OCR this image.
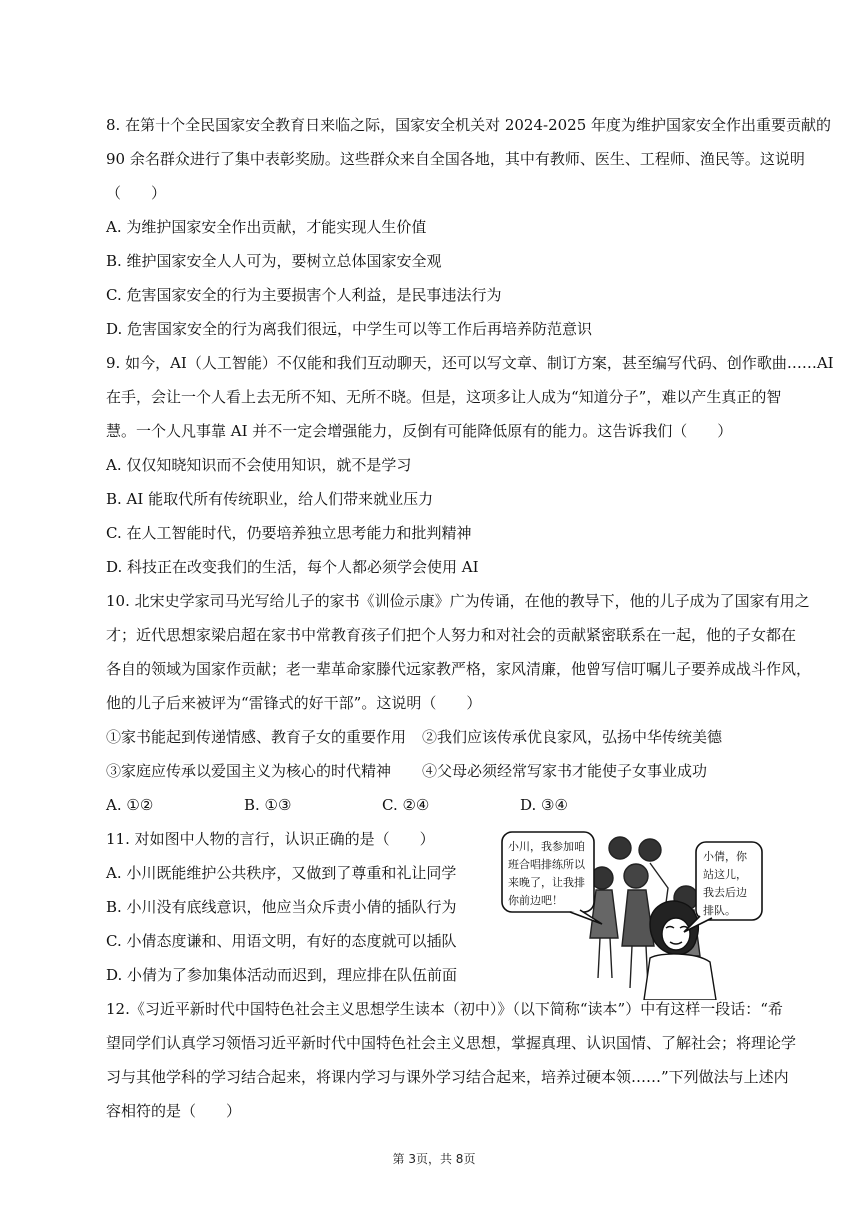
8. 在第十个全民国家安全教育日来临之际，国家安全机关对 2024-2025 年度为维护国家安全作出重要贡献的
90 余名群众进行了集中表彰奖励。这些群众来自全国各地，其中有教师、医生、工程师、渔民等。这说明
（　　）
A. 为维护国家安全作出贡献，才能实现人生价值
B. 维护国家安全人人可为，要树立总体国家安全观
C. 危害国家安全的行为主要损害个人利益，是民事违法行为
D. 危害国家安全的行为离我们很远，中学生可以等工作后再培养防范意识
9. 如今，AI（人工智能）不仅能和我们互动聊天，还可以写文章、制订方案，甚至编写代码、创作歌曲……AI
在手，会让一个人看上去无所不知、无所不晓。但是，这项多让人成为“知道分子”，难以产生真正的智
慧。一个人凡事靠 AI 并不一定会增强能力，反倒有可能降低原有的能力。这告诉我们（　　）
A. 仅仅知晓知识而不会使用知识，就不是学习
B. AI 能取代所有传统职业，给人们带来就业压力
C. 在人工智能时代，仍要培养独立思考能力和批判精神
D. 科技正在改变我们的生活，每个人都必须学会使用 AI
10. 北宋史学家司马光写给儿子的家书《训俭示康》广为传诵，在他的教导下，他的儿子成为了国家有用之
才；近代思想家梁启超在家书中常教育孩子们把个人努力和对社会的贡献紧密联系在一起，他的子女都在
各自的领域为国家作贡献；老一辈革命家滕代远家教严格，家风清廉，他曾写信叮嘱儿子要养成战斗作风，
他的儿子后来被评为“雷锋式的好干部”。这说明（　　）
①家书能起到传递情感、教育子女的重要作用	②我们应该传承优良家风，弘扬中华传统美德
③家庭应传承以爱国主义为核心的时代精神	④父母必须经常写家书才能使子女事业成功
A. ①②	B. ①③	C. ②④	D. ③④
11. 对如图中人物的言行，认识正确的是（　　）
A. 小川既能维护公共秩序，又做到了尊重和礼让同学
B. 小川没有底线意识，他应当众斥责小倩的插队行为
C. 小倩态度谦和、用语文明，有好的态度就可以插队
D. 小倩为了参加集体活动而迟到，理应排在队伍前面
小川，我参加咱
班合唱排练所以
来晚了，让我排
你前边吧！
小倩，你
站这儿，
我去后边
排队。
12.《习近平新时代中国特色社会主义思想学生读本（初中）》（以下简称“读本”）中有这样一段话：“希
望同学们认真学习领悟习近平新时代中国特色社会主义思想，掌握真理、认识国情、了解社会；将理论学
习与其他学科的学习结合起来，将课内学习与课外学习结合起来，培养过硬本领……”下列做法与上述内
容相符的是（　　）
第 3页，共 8页
